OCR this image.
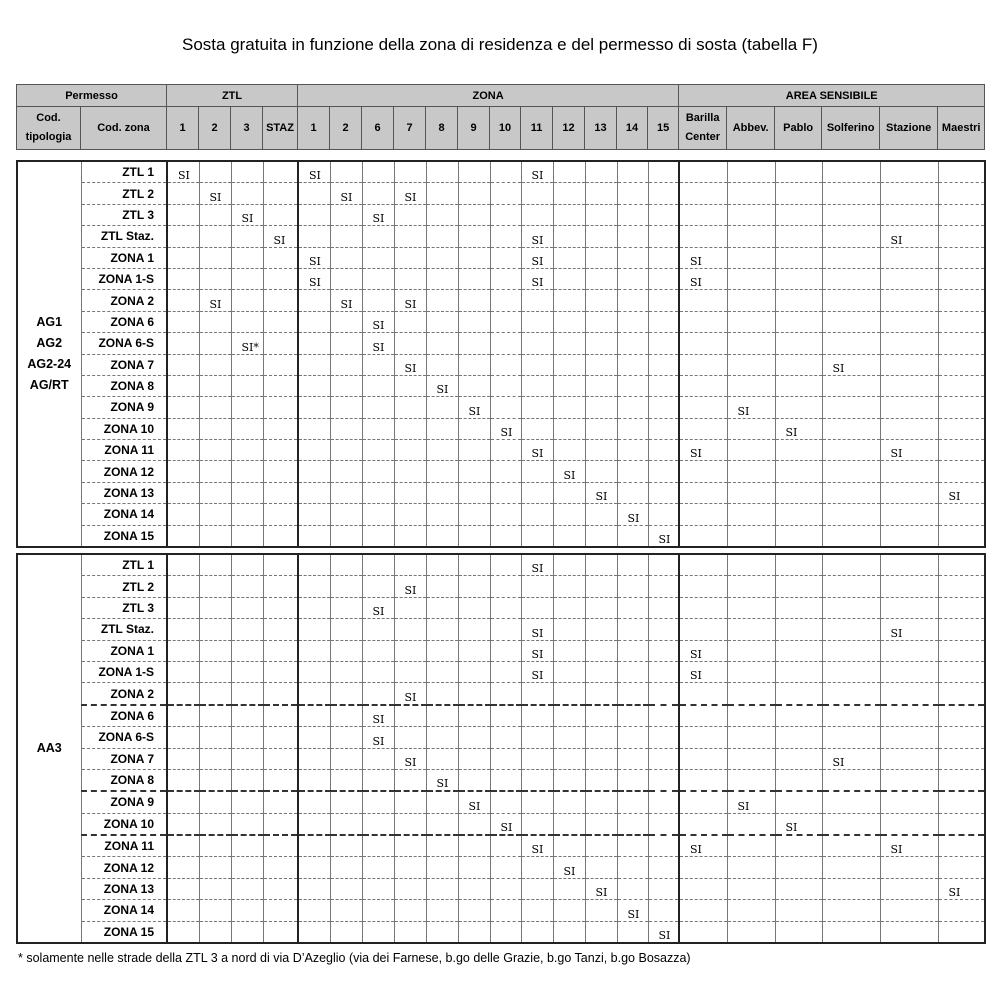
Sosta gratuita in funzione della zona di residenza e del permesso di sosta (tabella F)
Permesso		ZTL				ZONA												AREA SENSIBILE					
Cod. tipologia	Cod. zona	1	2	3	STAZ	1	2	6	7	8	9	10	11	12	13	14	15	Barilla Center	Abbev.	Pablo	Solferino	Stazione	Maestri
AG1
AG2
AG2-24
AG/RT	ZTL 1	SI				SI							SI										
	ZTL 2		SI				SI		SI														
	ZTL 3			SI				SI															
	ZTL Staz.				SI								SI									SI	
	ZONA 1					SI							SI					SI					
	ZONA 1-S					SI							SI					SI					
	ZONA 2		SI				SI		SI														
	ZONA 6							SI															
	ZONA 6-S			SI*				SI															
	ZONA 7								SI												SI		
	ZONA 8									SI													
	ZONA 9										SI								SI				
	ZONA 10											SI								SI			
	ZONA 11												SI					SI				SI	
	ZONA 12													SI									
	ZONA 13														SI								SI
	ZONA 14															SI							
	ZONA 15																SI						
AA3	ZTL 1												SI										
	ZTL 2								SI														
	ZTL 3							SI															
	ZTL Staz.												SI									SI	
	ZONA 1												SI					SI					
	ZONA 1-S												SI					SI					
	ZONA 2								SI														
	ZONA 6							SI															
	ZONA 6-S							SI															
	ZONA 7								SI												SI		
	ZONA 8									SI													
	ZONA 9										SI								SI				
	ZONA 10											SI								SI			
	ZONA 11												SI					SI				SI	
	ZONA 12													SI									
	ZONA 13														SI								SI
	ZONA 14															SI							
	ZONA 15																SI						
* solamente nelle strade della ZTL 3 a nord di via D’Azeglio (via dei Farnese, b.go delle Grazie, b.go Tanzi, b.go Bosazza)
